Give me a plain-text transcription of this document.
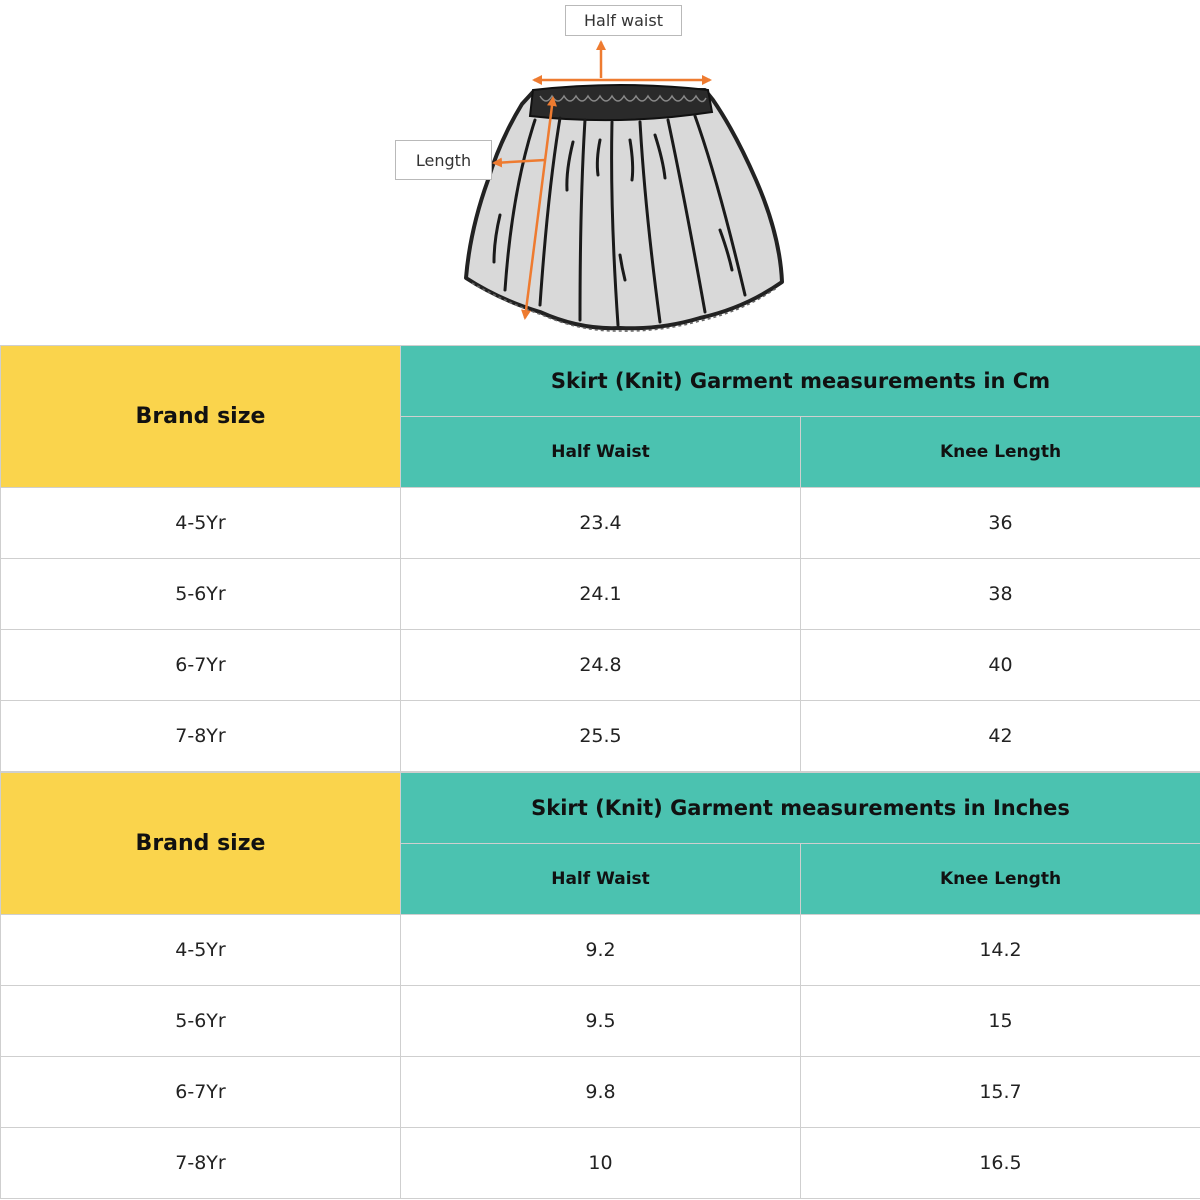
Half waist
Length
Brand size	Skirt (Knit) Garment measurements in Cm	
	Half Waist	Knee Length
4-5Yr	23.4	36
5-6Yr	24.1	38
6-7Yr	24.8	40
7-8Yr	25.5	42
Brand size	Skirt (Knit) Garment measurements in Inches	
	Half Waist	Knee Length
4-5Yr	9.2	14.2
5-6Yr	9.5	15
6-7Yr	9.8	15.7
7-8Yr	10	16.5
